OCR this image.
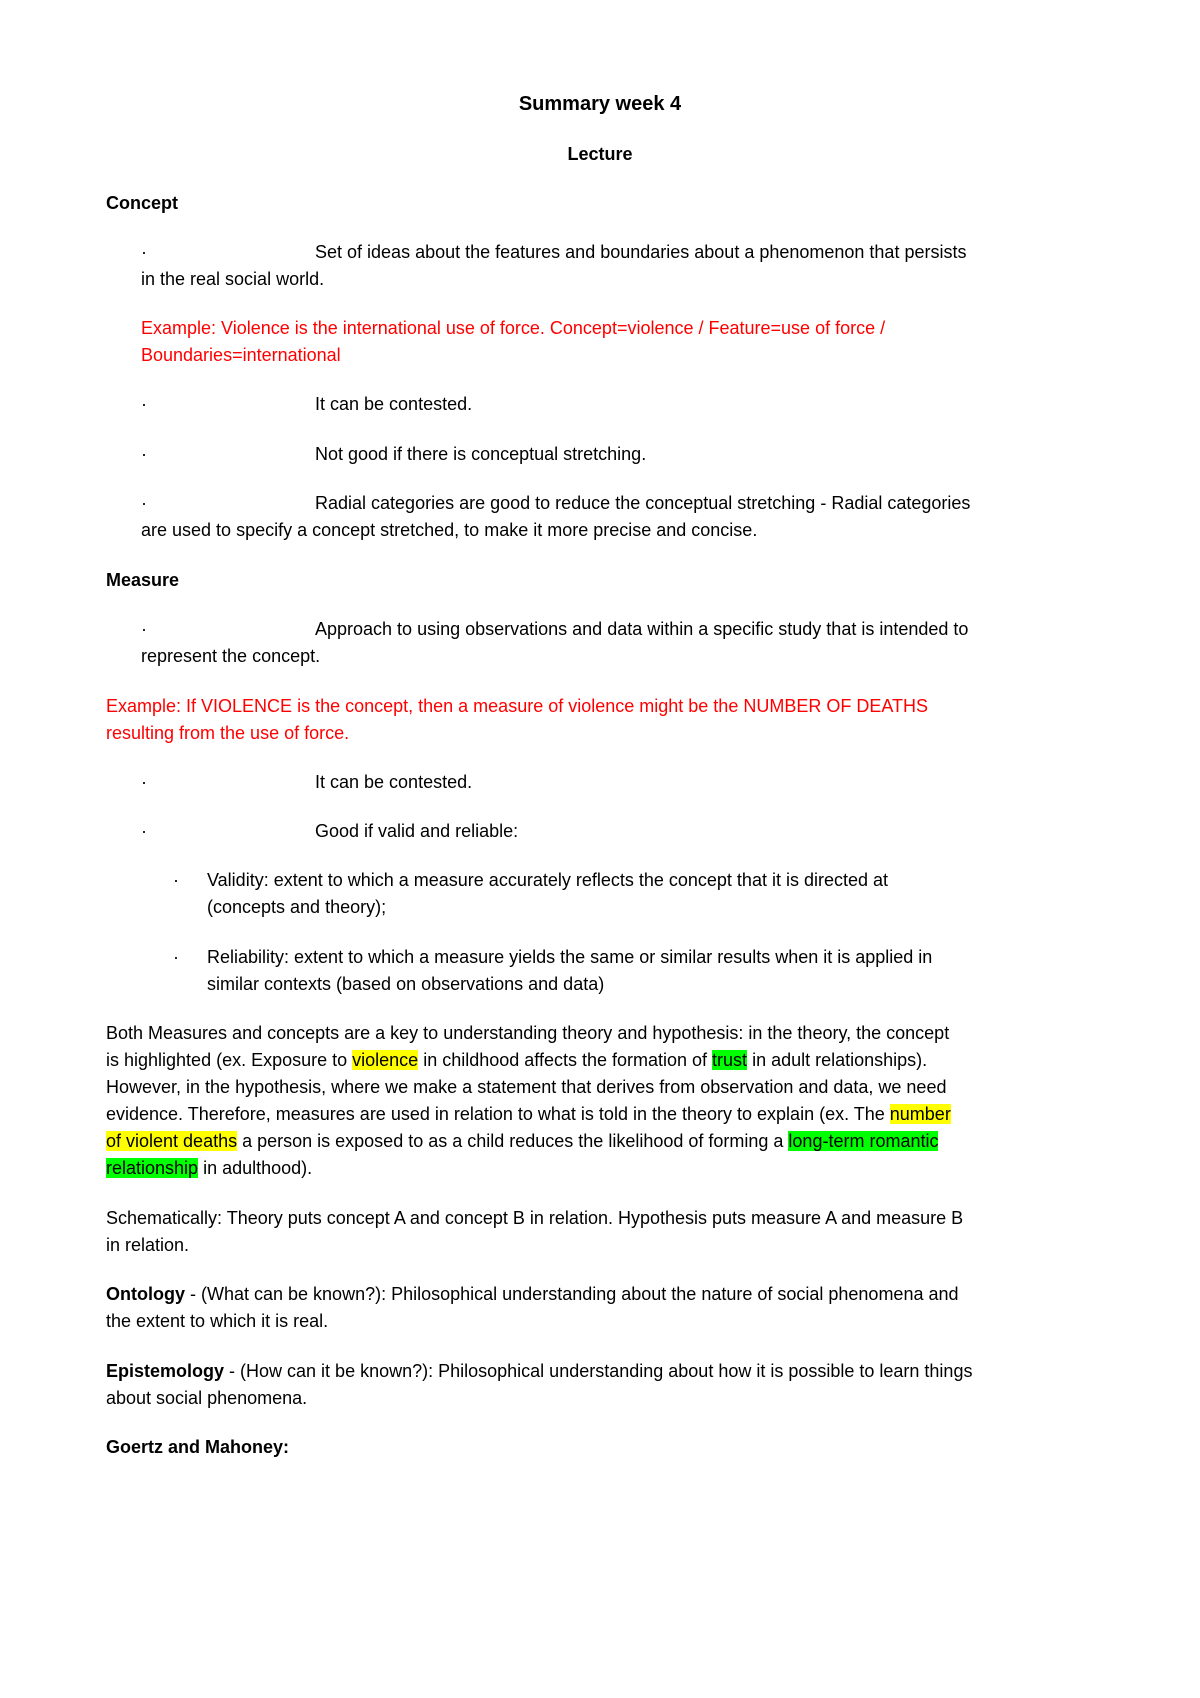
Summary week 4
Lecture
Concept
·	Set of ideas about the features and boundaries about a phenomenon that persists
in the real social world.
Example: Violence is the international use of force. Concept=violence / Feature=use of force /
Boundaries=international
·	It can be contested.
·	Not good if there is conceptual stretching.
·	Radial categories are good to reduce the conceptual stretching - Radial categories
are used to specify a concept stretched, to make it more precise and concise.
Measure
·	Approach to using observations and data within a specific study that is intended to
represent the concept.
Example: If VIOLENCE is the concept, then a measure of violence might be the NUMBER OF DEATHS
resulting from the use of force.
·	It can be contested.
·	Good if valid and reliable:
· Validity: extent to which a measure accurately reflects the concept that it is directed at
(concepts and theory);
· Reliability: extent to which a measure yields the same or similar results when it is applied in
similar contexts (based on observations and data)
Both Measures and concepts are a key to understanding theory and hypothesis: in the theory, the concept
is highlighted (ex. Exposure to violence in childhood affects the formation of trust in adult relationships).
However, in the hypothesis, where we make a statement that derives from observation and data, we need
evidence. Therefore, measures are used in relation to what is told in the theory to explain (ex. The number
of violent deaths a person is exposed to as a child reduces the likelihood of forming a long-term romantic
relationship in adulthood).
Schematically: Theory puts concept A and concept B in relation. Hypothesis puts measure A and measure B
in relation.
Ontology - (What can be known?): Philosophical understanding about the nature of social phenomena and
the extent to which it is real.
Epistemology - (How can it be known?): Philosophical understanding about how it is possible to learn things
about social phenomena.
Goertz and Mahoney:
